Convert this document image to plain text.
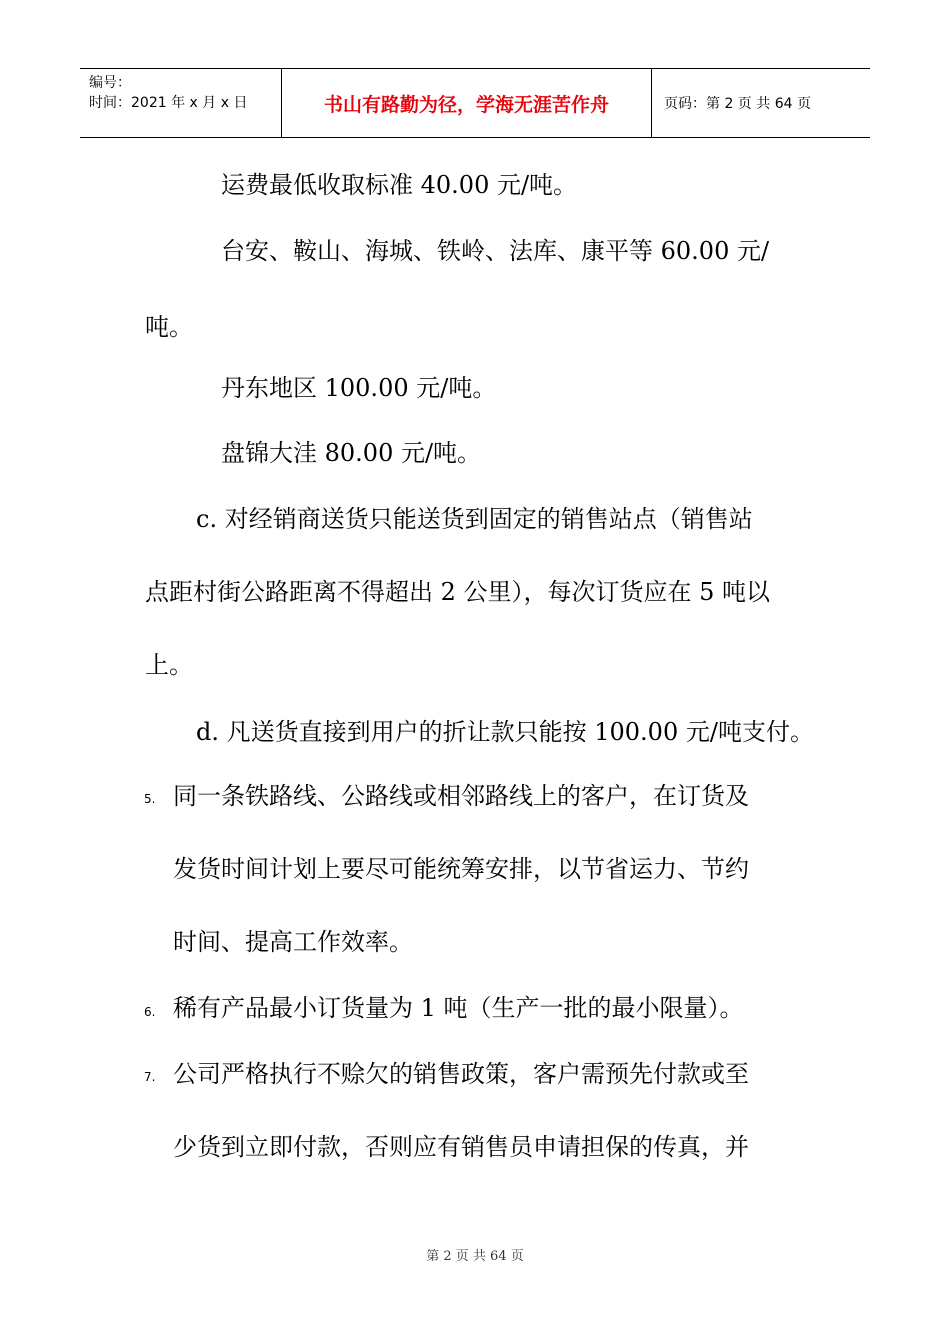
编号：
时间：2021 年 x 月 x 日	书山有路勤为径，学海无涯苦作舟	页码：第 2 页 共 64 页
运费最低收取标准 40.00 元/吨。
台安、鞍山、海城、铁岭、法库、康平等 60.00 元/
吨。
丹东地区 100.00 元/吨。
盘锦大洼 80.00 元/吨。
c. 对经销商送货只能送货到固定的销售站点（销售站
点距村街公路距离不得超出 2 公里），每次订货应在 5 吨以
上。
d. 凡送货直接到用户的折让款只能按 100.00 元/吨支付。
5. 同一条铁路线、公路线或相邻路线上的客户，在订货及
发货时间计划上要尽可能统筹安排，以节省运力、节约
时间、提高工作效率。
6. 稀有产品最小订货量为 1 吨（生产一批的最小限量）。
7. 公司严格执行不赊欠的销售政策，客户需预先付款或至
少货到立即付款，否则应有销售员申请担保的传真，并
第 2 页 共 64 页
